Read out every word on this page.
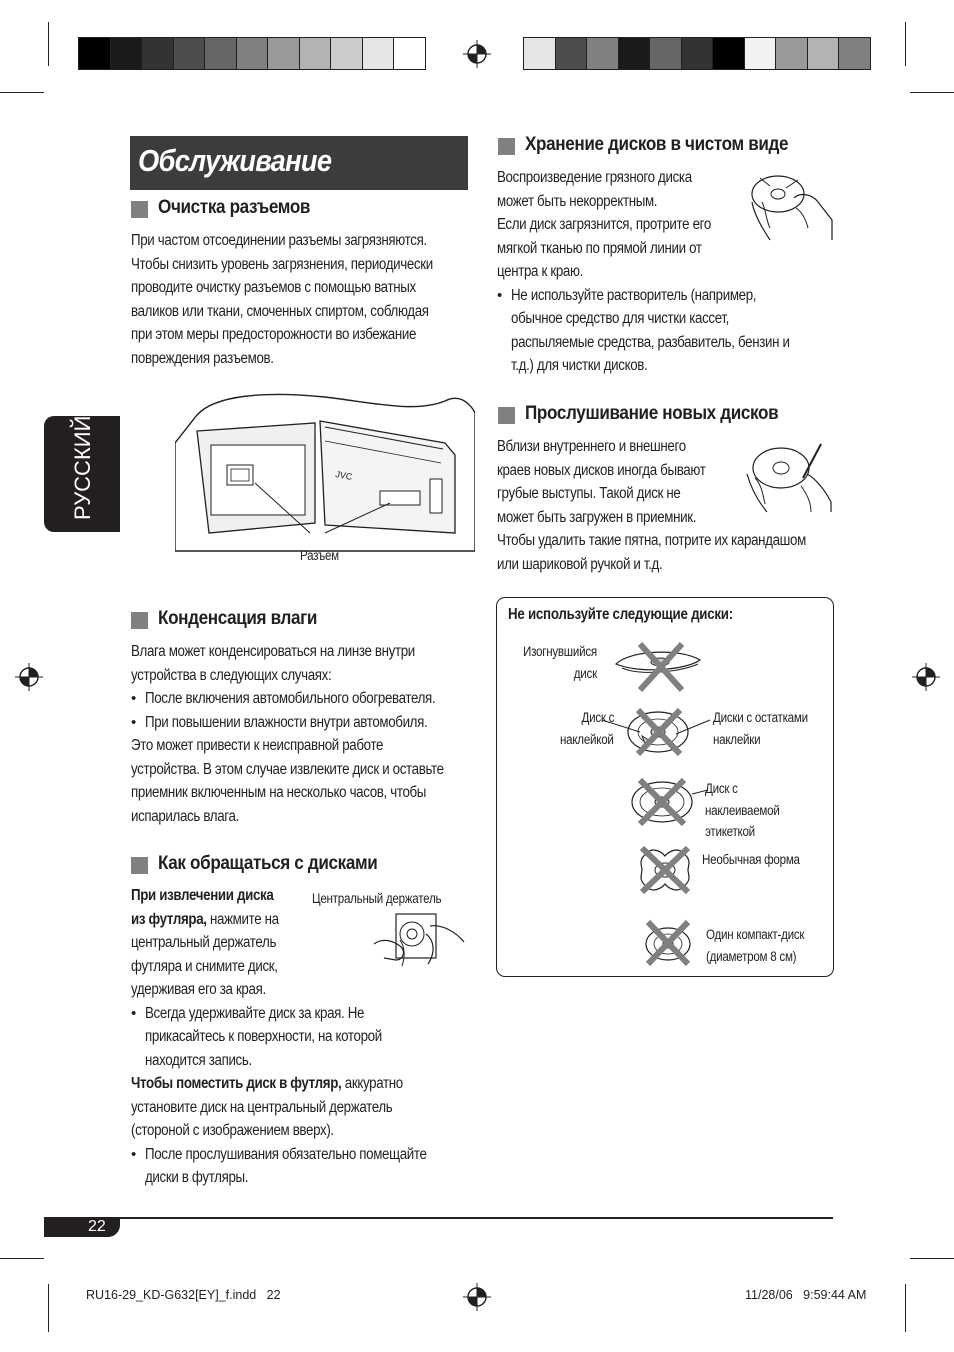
Обслуживание
РУССКИЙ
Очистка разъемов
При частом отсоединении разъемы загрязняются.
Чтобы снизить уровень загрязнения, периодически
проводите очистку разъемов с помощью ватных
валиков или ткани, смоченных спиртом, соблюдая
при этом меры предосторожности во избежание
повреждения разъемов.
JVC
Разъем
Конденсация влаги
Влага может конденсироваться на линзе внутри
устройства в следующих случаях:
• После включения автомобильного обогревателя.
• При повышении влажности внутри автомобиля.
Это может привести к неисправной работе
устройства. В этом случае извлеките диск и оставьте
приемник включенным на несколько часов, чтобы
испарилась влага.
Как обращаться с дисками
Центральный держатель
При извлечении диска
из футляра, нажмите на
центральный держатель
футляра и снимите диск,
удерживая его за края.
• Всегда удерживайте диск за края. Не
прикасайтесь к поверхности, на которой
находится запись.
Чтобы поместить диск в футляр, аккуратно
установите диск на центральный держатель
(стороной с изображением вверх).
• После прослушивания обязательно помещайте
диски в футляры.
Хранение дисков в чистом виде
Воспроизведение грязного диска
может быть некорректным.
Если диск загрязнится, протрите его
мягкой тканью по прямой линии от
центра к краю.
• Не используйте растворитель (например,
обычное средство для чистки кассет,
распыляемые средства, разбавитель, бензин и
т.д.) для чистки дисков.
Прослушивание новых дисков
Вблизи внутреннего и внешнего
краев новых дисков иногда бывают
грубые выступы. Такой диск не
может быть загружен в приемник.
Чтобы удалить такие пятна, потрите их карандашом
или шариковой ручкой и т.д.
Не используйте следующие диски:
Изогнувшийся
диск
Диск с
наклейкой
Диски с остатками
наклейки
Диск с
наклеиваемой
этикеткой
Необычная форма
Один компакт-диск
(диаметром 8 см)
22
RU16-29_KD-G632[EY]_f.indd   22	11/28/06   9:59:44 AM
